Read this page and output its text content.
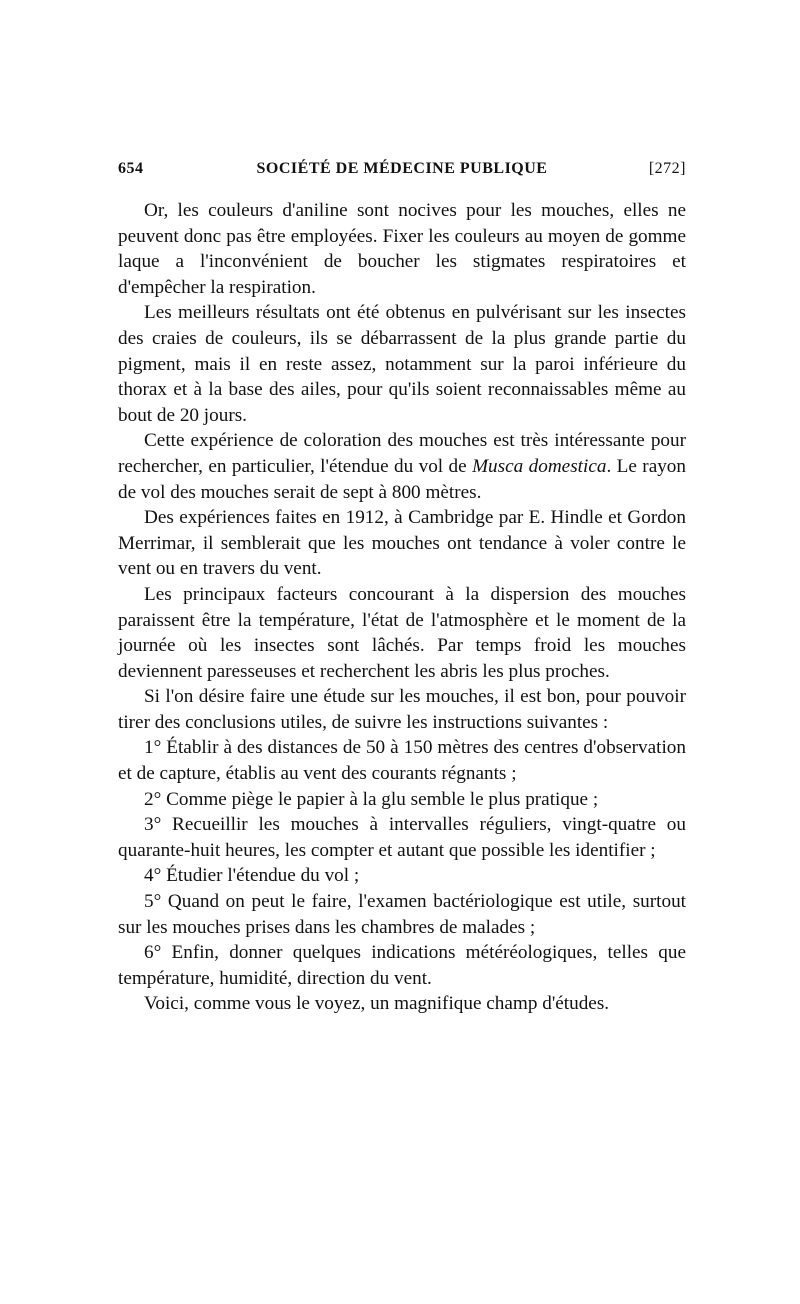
654	SOCIÉTÉ DE MÉDECINE PUBLIQUE	[272]

Or, les couleurs d'aniline sont nocives pour les mouches, elles ne peuvent donc pas être employées. Fixer les couleurs au moyen de gomme laque a l'inconvénient de boucher les stigmates respiratoires et d'empêcher la respiration.

Les meilleurs résultats ont été obtenus en pulvérisant sur les insectes des craies de couleurs, ils se débarrassent de la plus grande partie du pigment, mais il en reste assez, notamment sur la paroi inférieure du thorax et à la base des ailes, pour qu'ils soient reconnaissables même au bout de 20 jours.

Cette expérience de coloration des mouches est très intéressante pour rechercher, en particulier, l'étendue du vol de Musca domestica. Le rayon de vol des mouches serait de sept à 800 mètres.

Des expériences faites en 1912, à Cambridge par E. Hindle et Gordon Merrimar, il semblerait que les mouches ont tendance à voler contre le vent ou en travers du vent.

Les principaux facteurs concourant à la dispersion des mouches paraissent être la température, l'état de l'atmosphère et le moment de la journée où les insectes sont lâchés. Par temps froid les mouches deviennent paresseuses et recherchent les abris les plus proches.

Si l'on désire faire une étude sur les mouches, il est bon, pour pouvoir tirer des conclusions utiles, de suivre les instructions suivantes :

1° Établir à des distances de 50 à 150 mètres des centres d'observation et de capture, établis au vent des courants régnants ;

2° Comme piège le papier à la glu semble le plus pratique ;

3° Recueillir les mouches à intervalles réguliers, vingt-quatre ou quarante-huit heures, les compter et autant que possible les identifier ;

4° Étudier l'étendue du vol ;

5° Quand on peut le faire, l'examen bactériologique est utile, surtout sur les mouches prises dans les chambres de malades ;

6° Enfin, donner quelques indications météréologiques, telles que température, humidité, direction du vent.

Voici, comme vous le voyez, un magnifique champ d'études.
